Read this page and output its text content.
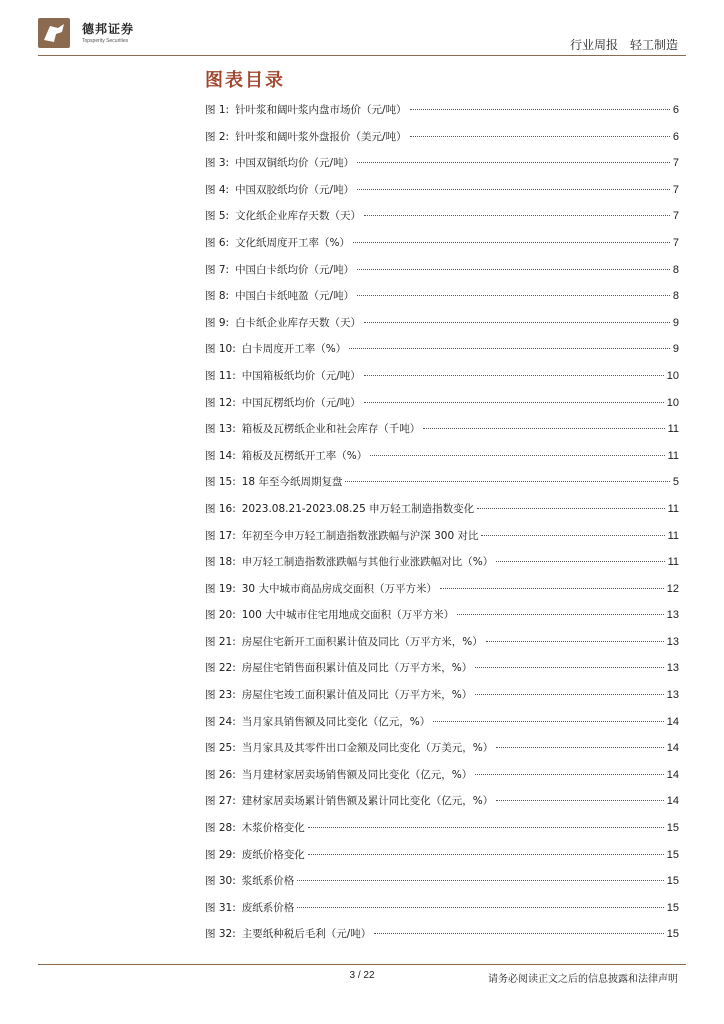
德邦证券
Topsperity Securities	行业周报 轻工制造
图表目录
图 1: 针叶浆和阔叶浆内盘市场价（元/吨）	6
图 2: 针叶浆和阔叶浆外盘报价（美元/吨）	6
图 3: 中国双铜纸均价（元/吨）	7
图 4: 中国双胶纸均价（元/吨）	7
图 5: 文化纸企业库存天数（天）	7
图 6: 文化纸周度开工率（%）	7
图 7: 中国白卡纸均价（元/吨）	8
图 8: 中国白卡纸吨盈（元/吨）	8
图 9: 白卡纸企业库存天数（天）	9
图 10: 白卡周度开工率（%）	9
图 11: 中国箱板纸均价（元/吨）	10
图 12: 中国瓦楞纸均价（元/吨）	10
图 13: 箱板及瓦楞纸企业和社会库存（千吨）	11
图 14: 箱板及瓦楞纸开工率（%）	11
图 15: 18 年至今纸周期复盘	5
图 16: 2023.08.21-2023.08.25 申万轻工制造指数变化	11
图 17: 年初至今申万轻工制造指数涨跌幅与沪深 300 对比	11
图 18: 申万轻工制造指数涨跌幅与其他行业涨跌幅对比（%）	11
图 19: 30 大中城市商品房成交面积（万平方米）	12
图 20: 100 大中城市住宅用地成交面积（万平方米）	13
图 21: 房屋住宅新开工面积累计值及同比（万平方米，%）	13
图 22: 房屋住宅销售面积累计值及同比（万平方米，%）	13
图 23: 房屋住宅竣工面积累计值及同比（万平方米，%）	13
图 24: 当月家具销售额及同比变化（亿元，%）	14
图 25: 当月家具及其零件出口金额及同比变化（万美元，%）	14
图 26: 当月建材家居卖场销售额及同比变化（亿元，%）	14
图 27: 建材家居卖场累计销售额及累计同比变化（亿元，%）	14
图 28: 木浆价格变化	15
图 29: 废纸价格变化	15
图 30: 浆纸系价格	15
图 31: 废纸系价格	15
图 32: 主要纸种税后毛利（元/吨）	15
3 / 22	请务必阅读正文之后的信息披露和法律声明
